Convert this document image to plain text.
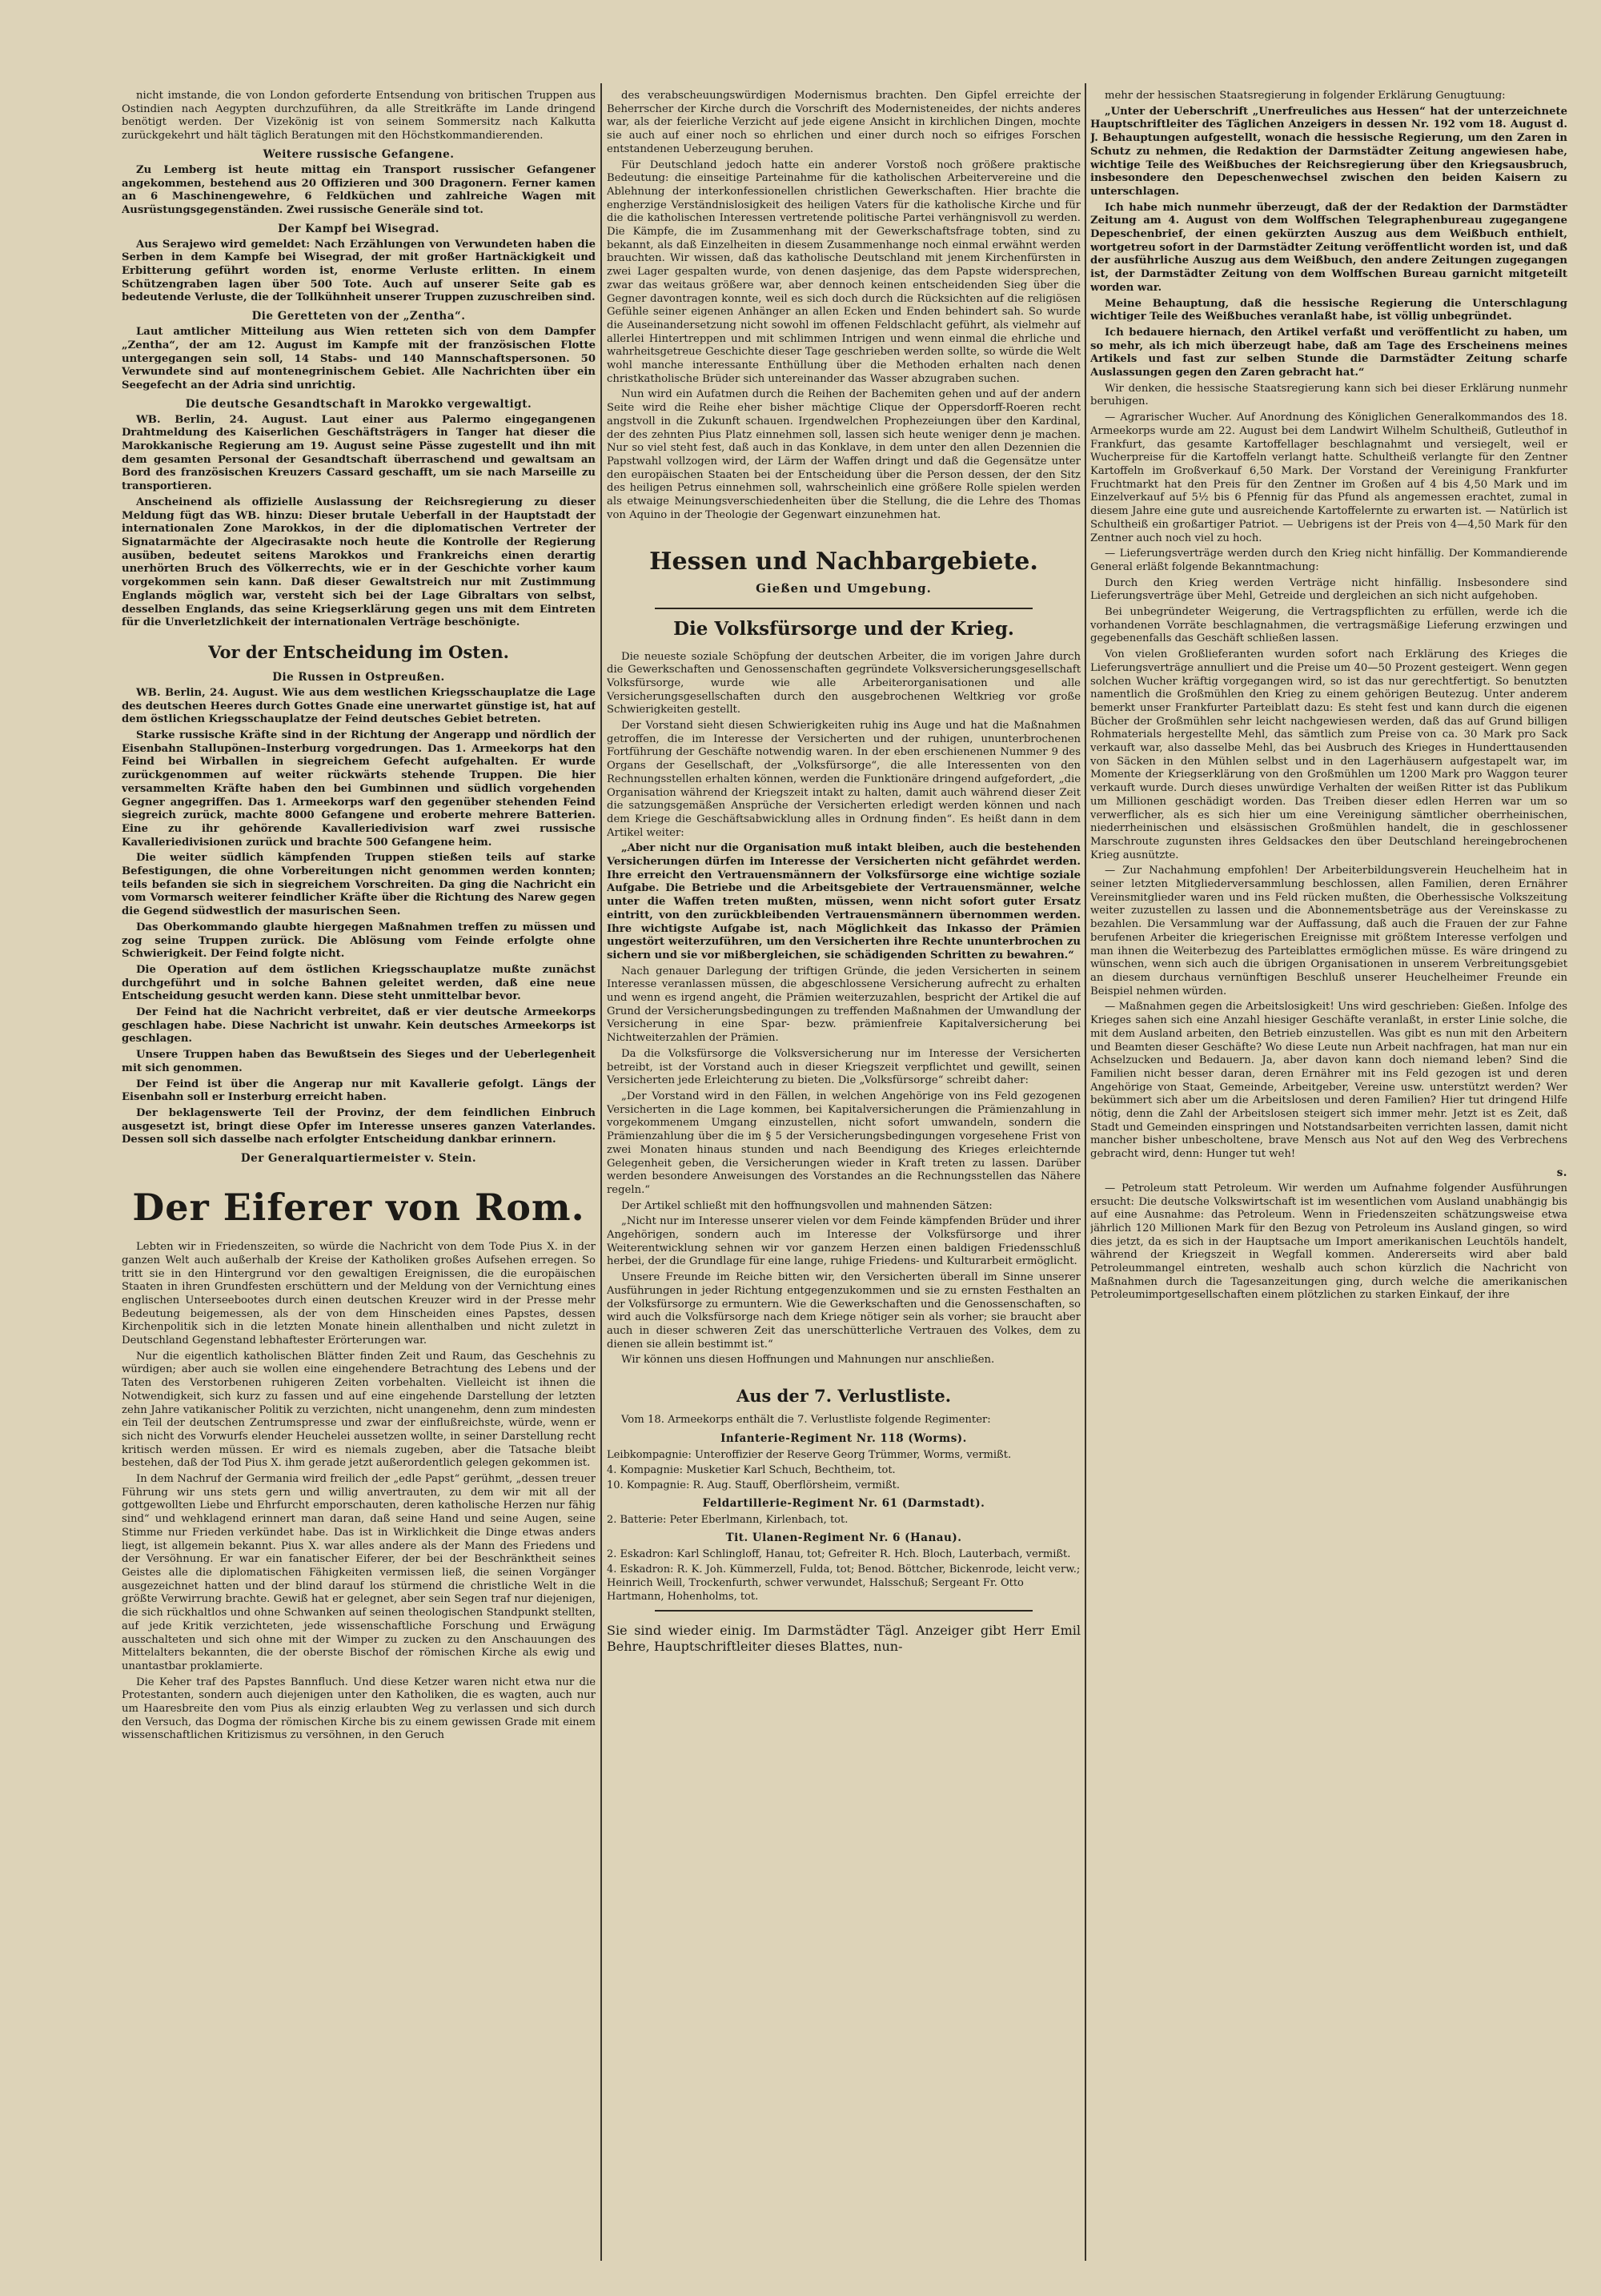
nicht imstande, die von London geforderte Entsendung von britischen Truppen aus Ostindien nach Aegypten durchzuführen, da alle Streitkräfte im Lande dringend benötigt werden. Der Vizekönig ist von seinem Sommersitz nach Kalkutta zurückgekehrt und hält täglich Beratungen mit den Höchstkommandierenden.

Weitere russische Gefangene.

Zu Lemberg ist heute mittag ein Transport russischer Gefangener angekommen, bestehend aus 20 Offizieren und 300 Dragonern. Ferner kamen an 6 Maschinengewehre, 6 Feldküchen und zahlreiche Wagen mit Ausrüstungsgegenständen. Zwei russische Generäle sind tot.

Der Kampf bei Wisegrad.

Aus Serajewo wird gemeldet: Nach Erzählungen von Verwundeten haben die Serben in dem Kampfe bei Wisegrad, der mit großer Hartnäckigkeit und Erbitterung geführt worden ist, enorme Verluste erlitten. In einem Schützengraben lagen über 500 Tote. Auch auf unserer Seite gab es bedeutende Verluste, die der Tollkühnheit unserer Truppen zuzuschreiben sind.

Die Geretteten von der „Zentha“.

Laut amtlicher Mitteilung aus Wien retteten sich von dem Dampfer „Zentha“, der am 12. August im Kampfe mit der französischen Flotte untergegangen sein soll, 14 Stabs- und 140 Mannschaftspersonen. 50 Verwundete sind auf montenegrinischem Gebiet. Alle Nachrichten über ein Seegefecht an der Adria sind unrichtig.

Die deutsche Gesandtschaft in Marokko vergewaltigt.

WB. Berlin, 24. August. Laut einer aus Palermo eingegangenen Drahtmeldung des Kaiserlichen Geschäftsträgers in Tanger hat dieser die Marokkanische Regierung am 19. August seine Pässe zugestellt und ihn mit dem gesamten Personal der Gesandtschaft überraschend und gewaltsam an Bord des französischen Kreuzers Cassard geschafft, um sie nach Marseille zu transportieren.

Anscheinend als offizielle Auslassung der Reichsregierung zu dieser Meldung fügt das WB. hinzu: Dieser brutale Ueberfall in der Hauptstadt der internationalen Zone Marokkos, in der die diplomatischen Vertreter der Signatarmächte der Algecirasakte noch heute die Kontrolle der Regierung ausüben, bedeutet seitens Marokkos und Frankreichs einen derartig unerhörten Bruch des Völkerrechts, wie er in der Geschichte vorher kaum vorgekommen sein kann. Daß dieser Gewaltstreich nur mit Zustimmung Englands möglich war, versteht sich bei der Lage Gibraltars von selbst, desselben Englands, das seine Kriegserklärung gegen uns mit dem Eintreten für die Unverletzlichkeit der internationalen Verträge beschönigte.

Vor der Entscheidung im Osten.
Die Russen in Ostpreußen.

WB. Berlin, 24. August. Wie aus dem westlichen Kriegsschauplatze die Lage des deutschen Heeres durch Gottes Gnade eine unerwartet günstige ist, hat auf dem östlichen Kriegsschauplatze der Feind deutsches Gebiet betreten.

Starke russische Kräfte sind in der Richtung der Angerapp und nördlich der Eisenbahn Stallupönen–Insterburg vorgedrungen. Das 1. Armeekorps hat den Feind bei Wirballen in siegreichem Gefecht aufgehalten. Er wurde zurückgenommen auf weiter rückwärts stehende Truppen. Die hier versammelten Kräfte haben den bei Gumbinnen und südlich vorgehenden Gegner angegriffen. Das 1. Armeekorps warf den gegenüber stehenden Feind siegreich zurück, machte 8000 Gefangene und eroberte mehrere Batterien. Eine zu ihr gehörende Kavalleriedivision warf zwei russische Kavalleriedivisionen zurück und brachte 500 Gefangene heim.

Die weiter südlich kämpfenden Truppen stießen teils auf starke Befestigungen, die ohne Vorbereitungen nicht genommen werden konnten; teils befanden sie sich in siegreichem Vorschreiten. Da ging die Nachricht ein vom Vormarsch weiterer feindlicher Kräfte über die Richtung des Narew gegen die Gegend südwestlich der masurischen Seen.

Das Oberkommando glaubte hiergegen Maßnahmen treffen zu müssen und zog seine Truppen zurück. Die Ablösung vom Feinde erfolgte ohne Schwierigkeit. Der Feind folgte nicht.

Die Operation auf dem östlichen Kriegsschauplatze mußte zunächst durchgeführt und in solche Bahnen geleitet werden, daß eine neue Entscheidung gesucht werden kann. Diese steht unmittelbar bevor.

Der Feind hat die Nachricht verbreitet, daß er vier deutsche Armeekorps geschlagen habe. Diese Nachricht ist unwahr. Kein deutsches Armeekorps ist geschlagen.

Unsere Truppen haben das Bewußtsein des Sieges und der Ueberlegenheit mit sich genommen.

Der Feind ist über die Angerap nur mit Kavallerie gefolgt. Längs der Eisenbahn soll er Insterburg erreicht haben.

Der beklagenswerte Teil der Provinz, der dem feindlichen Einbruch ausgesetzt ist, bringt diese Opfer im Interesse unseres ganzen Vaterlandes. Dessen soll sich dasselbe nach erfolgter Entscheidung dankbar erinnern.

Der Generalquartiermeister v. Stein.
Der Eiferer von Rom.

Lebten wir in Friedenszeiten, so würde die Nachricht von dem Tode Pius X. in der ganzen Welt auch außerhalb der Kreise der Katholiken großes Aufsehen erregen. So tritt sie in den Hintergrund vor den gewaltigen Ereignissen, die die europäischen Staaten in ihren Grundfesten erschüttern und der Meldung von der Vernichtung eines englischen Unterseebootes durch einen deutschen Kreuzer wird in der Presse mehr Bedeutung beigemessen, als der von dem Hinscheiden eines Papstes, dessen Kirchenpolitik sich in die letzten Monate hinein allenthalben und nicht zuletzt in Deutschland Gegenstand lebhaftester Erörterungen war.

Nur die eigentlich katholischen Blätter finden Zeit und Raum, das Geschehnis zu würdigen; aber auch sie wollen eine eingehendere Betrachtung des Lebens und der Taten des Verstorbenen ruhigeren Zeiten vorbehalten. Vielleicht ist ihnen die Notwendigkeit, sich kurz zu fassen und auf eine eingehende Darstellung der letzten zehn Jahre vatikanischer Politik zu verzichten, nicht unangenehm, denn zum mindesten ein Teil der deutschen Zentrumspresse und zwar der einflußreichste, würde, wenn er sich nicht des Vorwurfs elender Heuchelei aussetzen wollte, in seiner Darstellung recht kritisch werden müssen. Er wird es niemals zugeben, aber die Tatsache bleibt bestehen, daß der Tod Pius X. ihm gerade jetzt außerordentlich gelegen gekommen ist.

In dem Nachruf der Germania wird freilich der „edle Papst“ gerühmt, „dessen treuer Führung wir uns stets gern und willig anvertrauten, zu dem wir mit all der gottgewollten Liebe und Ehrfurcht emporschauten, deren katholische Herzen nur fähig sind“ und wehklagend erinnert man daran, daß seine Hand und seine Augen, seine Stimme nur Frieden verkündet habe. Das ist in Wirklichkeit die Dinge etwas anders liegt, ist allgemein bekannt. Pius X. war alles andere als der Mann des Friedens und der Versöhnung. Er war ein fanatischer Eiferer, der bei der Beschränktheit seines Geistes alle die diplomatischen Fähigkeiten vermissen ließ, die seinen Vorgänger ausgezeichnet hatten und der blind darauf los stürmend die christliche Welt in die größte Verwirrung brachte. Gewiß hat er gelegnet, aber sein Segen traf nur diejenigen, die sich rückhaltlos und ohne Schwanken auf seinen theologischen Standpunkt stellten, auf jede Kritik verzichteten, jede wissenschaftliche Forschung und Erwägung ausschalteten und sich ohne mit der Wimper zu zucken zu den Anschauungen des Mittelalters bekannten, die der oberste Bischof der römischen Kirche als ewig und unantastbar proklamierte.

Die Keher traf des Papstes Bannfluch. Und diese Ketzer waren nicht etwa nur die Protestanten, sondern auch diejenigen unter den Katholiken, die es wagten, auch nur um Haaresbreite den vom Pius als einzig erlaubten Weg zu verlassen und sich durch den Versuch, das Dogma der römischen Kirche bis zu einem gewissen Grade mit einem wissenschaftlichen Kritizismus zu versöhnen, in den Geruch

des verabscheuungswürdigen Modernismus brachten. Den Gipfel erreichte der Beherrscher der Kirche durch die Vorschrift des Modernisteneides, der nichts anderes war, als der feierliche Verzicht auf jede eigene Ansicht in kirchlichen Dingen, mochte sie auch auf einer noch so ehrlichen und einer durch noch so eifriges Forschen entstandenen Ueberzeugung beruhen.

Für Deutschland jedoch hatte ein anderer Vorstoß noch größere praktische Bedeutung: die einseitige Parteinahme für die katholischen Arbeitervereine und die Ablehnung der interkonfessionellen christlichen Gewerkschaften. Hier brachte die engherzige Verständnislosigkeit des heiligen Vaters für die katholische Kirche und für die die katholischen Interessen vertretende politische Partei verhängnisvoll zu werden. Die Kämpfe, die im Zusammenhang mit der Gewerkschaftsfrage tobten, sind zu bekannt, als daß Einzelheiten in diesem Zusammenhange noch einmal erwähnt werden brauchten. Wir wissen, daß das katholische Deutschland mit jenem Kirchenfürsten in zwei Lager gespalten wurde, von denen dasjenige, das dem Papste widersprechen, zwar das weitaus größere war, aber dennoch keinen entscheidenden Sieg über die Gegner davontragen konnte, weil es sich doch durch die Rücksichten auf die religiösen Gefühle seiner eigenen Anhänger an allen Ecken und Enden behindert sah. So wurde die Auseinandersetzung nicht sowohl im offenen Feldschlacht geführt, als vielmehr auf allerlei Hintertreppen und mit schlimmen Intrigen und wenn einmal die ehrliche und wahrheitsgetreue Geschichte dieser Tage geschrieben werden sollte, so würde die Welt wohl manche interessante Enthüllung über die Methoden erhalten nach denen christkatholische Brüder sich untereinander das Wasser abzugraben suchen.

Nun wird ein Aufatmen durch die Reihen der Bachemiten gehen und auf der andern Seite wird die Reihe eher bisher mächtige Clique der Oppersdorff-Roeren recht angstvoll in die Zukunft schauen. Irgendwelchen Prophezeiungen über den Kardinal, der des zehnten Pius Platz einnehmen soll, lassen sich heute weniger denn je machen. Nur so viel steht fest, daß auch in das Konklave, in dem unter den allen Dezennien die Papstwahl vollzogen wird, der Lärm der Waffen dringt und daß die Gegensätze unter den europäischen Staaten bei der Entscheidung über die Person dessen, der den Sitz des heiligen Petrus einnehmen soll, wahrscheinlich eine größere Rolle spielen werden als etwaige Meinungsverschiedenheiten über die Stellung, die die Lehre des Thomas von Aquino in der Theologie der Gegenwart einzunehmen hat.

Hessen und Nachbargebiete.
Gießen und Umgebung.
Die Volksfürsorge und der Krieg.

Die neueste soziale Schöpfung der deutschen Arbeiter, die im vorigen Jahre durch die Gewerkschaften und Genossenschaften gegründete Volksversicherungsgesellschaft Volksfürsorge, wurde wie alle Arbeiterorganisationen und alle Versicherungsgesellschaften durch den ausgebrochenen Weltkrieg vor große Schwierigkeiten gestellt.

Der Vorstand sieht diesen Schwierigkeiten ruhig ins Auge und hat die Maßnahmen getroffen, die im Interesse der Versicherten und der ruhigen, ununterbrochenen Fortführung der Geschäfte notwendig waren. In der eben erschienenen Nummer 9 des Organs der Gesellschaft, der „Volksfürsorge“, die alle Interessenten von den Rechnungsstellen erhalten können, werden die Funktionäre dringend aufgefordert, „die Organisation während der Kriegszeit intakt zu halten, damit auch während dieser Zeit die satzungsgemäßen Ansprüche der Versicherten erledigt werden können und nach dem Kriege die Geschäftsabwicklung alles in Ordnung finden“. Es heißt dann in dem Artikel weiter:

„Aber nicht nur die Organisation muß intakt bleiben, auch die bestehenden Versicherungen dürfen im Interesse der Versicherten nicht gefährdet werden. Ihre erreicht den Vertrauensmännern der Volksfürsorge eine wichtige soziale Aufgabe. Die Betriebe und die Arbeitsgebiete der Vertrauensmänner, welche unter die Waffen treten mußten, müssen, wenn nicht sofort guter Ersatz eintritt, von den zurückbleibenden Vertrauensmännern übernommen werden. Ihre wichtigste Aufgabe ist, nach Möglichkeit das Inkasso der Prämien ungestört weiterzuführen, um den Versicherten ihre Rechte ununterbrochen zu sichern und sie vor mißbergleichen, sie schädigenden Schritten zu bewahren.“

Nach genauer Darlegung der triftigen Gründe, die jeden Versicherten in seinem Interesse veranlassen müssen, die abgeschlossene Versicherung aufrecht zu erhalten und wenn es irgend angeht, die Prämien weiterzuzahlen, bespricht der Artikel die auf Grund der Versicherungsbedingungen zu treffenden Maßnahmen der Umwandlung der Versicherung in eine Spar- bezw. prämienfreie Kapitalversicherung bei Nichtweiterzahlen der Prämien.

Da die Volksfürsorge die Volksversicherung nur im Interesse der Versicherten betreibt, ist der Vorstand auch in dieser Kriegszeit verpflichtet und gewillt, seinen Versicherten jede Erleichterung zu bieten. Die „Volksfürsorge“ schreibt daher:

„Der Vorstand wird in den Fällen, in welchen Angehörige von ins Feld gezogenen Versicherten in die Lage kommen, bei Kapitalversicherungen die Prämienzahlung in vorgekommenem Umgang einzustellen, nicht sofort umwandeln, sondern die Prämienzahlung über die im § 5 der Versicherungsbedingungen vorgesehene Frist von zwei Monaten hinaus stunden und nach Beendigung des Krieges erleichternde Gelegenheit geben, die Versicherungen wieder in Kraft treten zu lassen. Darüber werden besondere Anweisungen des Vorstandes an die Rechnungsstellen das Nähere regeln.“

Der Artikel schließt mit den hoffnungsvollen und mahnenden Sätzen:

„Nicht nur im Interesse unserer vielen vor dem Feinde kämpfenden Brüder und ihrer Angehörigen, sondern auch im Interesse der Volksfürsorge und ihrer Weiterentwicklung sehnen wir vor ganzem Herzen einen baldigen Friedensschluß herbei, der die Grundlage für eine lange, ruhige Friedens- und Kulturarbeit ermöglicht.

Unsere Freunde im Reiche bitten wir, den Versicherten überall im Sinne unserer Ausführungen in jeder Richtung entgegenzukommen und sie zu ernsten Festhalten an der Volksfürsorge zu ermuntern. Wie die Gewerkschaften und die Genossenschaften, so wird auch die Volksfürsorge nach dem Kriege nötiger sein als vorher; sie braucht aber auch in dieser schweren Zeit das unerschütterliche Vertrauen des Volkes, dem zu dienen sie allein bestimmt ist.“

Wir können uns diesen Hoffnungen und Mahnungen nur anschließen.

Aus der 7. Verlustliste.

Vom 18. Armeekorps enthält die 7. Verlustliste folgende Regimenter:

Infanterie-Regiment Nr. 118 (Worms).
Leibkompagnie: Unteroffizier der Reserve Georg Trümmer, Worms, vermißt.
4. Kompagnie: Musketier Karl Schuch, Bechtheim, tot.
10. Kompagnie: R. Aug. Stauff, Oberflörsheim, vermißt.
Feldartillerie-Regiment Nr. 61 (Darmstadt).
2. Batterie: Peter Eberlmann, Kirlenbach, tot.
Tit. Ulanen-Regiment Nr. 6 (Hanau).
2. Eskadron: Karl Schlingloff, Hanau, tot; Gefreiter R. Hch. Bloch, Lauterbach, vermißt.
4. Eskadron: R. K. Joh. Kümmerzell, Fulda, tot; Benod. Böttcher, Bickenrode, leicht verw.; Heinrich Weill, Trockenfurth, schwer verwundet, Halsschuß; Sergeant Fr. Otto Hartmann, Hohenholms, tot.
Sie sind wieder einig. Im Darmstädter Tägl. Anzeiger gibt Herr Emil Behre, Hauptschriftleiter dieses Blattes, nun-

mehr der hessischen Staatsregierung in folgender Erklärung Genugtuung:

„Unter der Ueberschrift „Unerfreuliches aus Hessen“ hat der unterzeichnete Hauptschriftleiter des Täglichen Anzeigers in dessen Nr. 192 vom 18. August d. J. Behauptungen aufgestellt, wonach die hessische Regierung, um den Zaren in Schutz zu nehmen, die Redaktion der Darmstädter Zeitung angewiesen habe, wichtige Teile des Weißbuches der Reichsregierung über den Kriegsausbruch, insbesondere den Depeschenwechsel zwischen den beiden Kaisern zu unterschlagen.

Ich habe mich nunmehr überzeugt, daß der der Redaktion der Darmstädter Zeitung am 4. August von dem Wolffschen Telegraphenbureau zugegangene Depeschenbrief, der einen gekürzten Auszug aus dem Weißbuch enthielt, wortgetreu sofort in der Darmstädter Zeitung veröffentlicht worden ist, und daß der ausführliche Auszug aus dem Weißbuch, den andere Zeitungen zugegangen ist, der Darmstädter Zeitung von dem Wolffschen Bureau garnicht mitgeteilt worden war.

Meine Behauptung, daß die hessische Regierung die Unterschlagung wichtiger Teile des Weißbuches veranlaßt habe, ist völlig unbegründet.

Ich bedauere hiernach, den Artikel verfaßt und veröffentlicht zu haben, um so mehr, als ich mich überzeugt habe, daß am Tage des Erscheinens meines Artikels und fast zur selben Stunde die Darmstädter Zeitung scharfe Auslassungen gegen den Zaren gebracht hat.“

Wir denken, die hessische Staatsregierung kann sich bei dieser Erklärung nunmehr beruhigen.

— Agrarischer Wucher. Auf Anordnung des Königlichen Generalkommandos des 18. Armeekorps wurde am 22. August bei dem Landwirt Wilhelm Schultheiß, Gutleuthof in Frankfurt, das gesamte Kartoffellager beschlagnahmt und versiegelt, weil er Wucherpreise für die Kartoffeln verlangt hatte. Schultheiß verlangte für den Zentner Kartoffeln im Großverkauf 6,50 Mark. Der Vorstand der Vereinigung Frankfurter Fruchtmarkt hat den Preis für den Zentner im Großen auf 4 bis 4,50 Mark und im Einzelverkauf auf 5½ bis 6 Pfennig für das Pfund als angemessen erachtet, zumal in diesem Jahre eine gute und ausreichende Kartoffelernte zu erwarten ist. — Natürlich ist Schultheiß ein großartiger Patriot. — Uebrigens ist der Preis von 4—4,50 Mark für den Zentner auch noch viel zu hoch.

— Lieferungsverträge werden durch den Krieg nicht hinfällig. Der Kommandierende General erläßt folgende Bekanntmachung:

Durch den Krieg werden Verträge nicht hinfällig. Insbesondere sind Lieferungsverträge über Mehl, Getreide und dergleichen an sich nicht aufgehoben.

Bei unbegründeter Weigerung, die Vertragspflichten zu erfüllen, werde ich die vorhandenen Vorräte beschlagnahmen, die vertragsmäßige Lieferung erzwingen und gegebenenfalls das Geschäft schließen lassen.

Von vielen Großlieferanten wurden sofort nach Erklärung des Krieges die Lieferungsverträge annulliert und die Preise um 40—50 Prozent gesteigert. Wenn gegen solchen Wucher kräftig vorgegangen wird, so ist das nur gerechtfertigt. So benutzten namentlich die Großmühlen den Krieg zu einem gehörigen Beutezug. Unter anderem bemerkt unser Frankfurter Parteiblatt dazu: Es steht fest und kann durch die eigenen Bücher der Großmühlen sehr leicht nachgewiesen werden, daß das auf Grund billigen Rohmaterials hergestellte Mehl, das sämtlich zum Preise von ca. 30 Mark pro Sack verkauft war, also dasselbe Mehl, das bei Ausbruch des Krieges in Hunderttausenden von Säcken in den Mühlen selbst und in den Lagerhäusern aufgestapelt war, im Momente der Kriegserklärung von den Großmühlen um 1200 Mark pro Waggon teurer verkauft wurde. Durch dieses unwürdige Verhalten der weißen Ritter ist das Publikum um Millionen geschädigt worden. Das Treiben dieser edlen Herren war um so verwerflicher, als es sich hier um eine Vereinigung sämtlicher oberrheinischen, niederrheinischen und elsässischen Großmühlen handelt, die in geschlossener Marschroute zugunsten ihres Geldsackes den über Deutschland hereingebrochenen Krieg ausnützte.

— Zur Nachahmung empfohlen! Der Arbeiterbildungsverein Heuchelheim hat in seiner letzten Mitgliederversammlung beschlossen, allen Familien, deren Ernährer Vereinsmitglieder waren und ins Feld rücken mußten, die Oberhessische Volkszeitung weiter zuzustellen zu lassen und die Abonnementsbeträge aus der Vereinskasse zu bezahlen. Die Versammlung war der Auffassung, daß auch die Frauen der zur Fahne berufenen Arbeiter die kriegerischen Ereignisse mit größtem Interesse verfolgen und man ihnen die Weiterbezug des Parteiblattes ermöglichen müsse. Es wäre dringend zu wünschen, wenn sich auch die übrigen Organisationen in unserem Verbreitungsgebiet an diesem durchaus vernünftigen Beschluß unserer Heuchelheimer Freunde ein Beispiel nehmen würden.

— Maßnahmen gegen die Arbeitslosigkeit! Uns wird geschrieben: Gießen. Infolge des Krieges sahen sich eine Anzahl hiesiger Geschäfte veranlaßt, in erster Linie solche, die mit dem Ausland arbeiten, den Betrieb einzustellen. Was gibt es nun mit den Arbeitern und Beamten dieser Geschäfte? Wo diese Leute nun Arbeit nachfragen, hat man nur ein Achselzucken und Bedauern. Ja, aber davon kann doch niemand leben? Sind die Familien nicht besser daran, deren Ernährer mit ins Feld gezogen ist und deren Angehörige von Staat, Gemeinde, Arbeitgeber, Vereine usw. unterstützt werden? Wer bekümmert sich aber um die Arbeitslosen und deren Familien? Hier tut dringend Hilfe nötig, denn die Zahl der Arbeitslosen steigert sich immer mehr. Jetzt ist es Zeit, daß Stadt und Gemeinden einspringen und Notstandsarbeiten verrichten lassen, damit nicht mancher bisher unbescholtene, brave Mensch aus Not auf den Weg des Verbrechens gebracht wird, denn: Hunger tut weh!

s.

— Petroleum statt Petroleum. Wir werden um Aufnahme folgender Ausführungen ersucht: Die deutsche Volkswirtschaft ist im wesentlichen vom Ausland unabhängig bis auf eine Ausnahme: das Petroleum. Wenn in Friedenszeiten schätzungsweise etwa jährlich 120 Millionen Mark für den Bezug von Petroleum ins Ausland gingen, so wird dies jetzt, da es sich in der Hauptsache um Import amerikanischen Leuchtöls handelt, während der Kriegszeit in Wegfall kommen. Andererseits wird aber bald Petroleummangel eintreten, weshalb auch schon kürzlich die Nachricht von Maßnahmen durch die Tagesanzeitungen ging, durch welche die amerikanischen Petroleumimportgesellschaften einem plötzlichen zu starken Einkauf, der ihre
